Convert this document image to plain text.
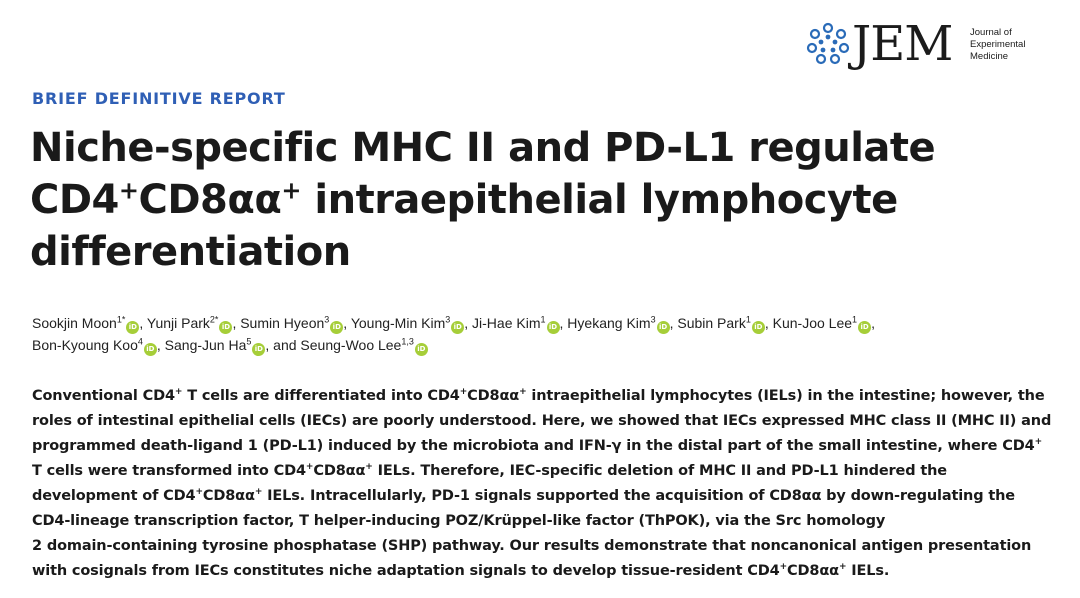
JEM Journal of
Experimental
Medicine
BRIEF DEFINITIVE REPORT
Niche-specific MHC II and PD-L1 regulate
CD4+CD8αα+ intraepithelial lymphocyte
differentiation
Sookjin Moon$^{1*}$iD , Yunji Park$^{2*}$iD , Sumin Hyeon$^3$iD , Young-Min Kim$^3$iD , Ji-Hae Kim$^1$iD , Hyekang Kim$^3$iD , Subin Park$^1$iD , Kun-Joo Lee$^1$iD ,
Bon-Kyoung Koo$^4$iD , Sang-Jun Ha$^5$iD , and Seung-Woo Lee$^{1,3}$iD

Conventional CD4+ T cells are differentiated into CD4+CD8αα+ intraepithelial lymphocytes (IELs) in the intestine; however, the
roles of intestinal epithelial cells (IECs) are poorly understood. Here, we showed that IECs expressed MHC class II (MHC II) and
programmed death-ligand 1 (PD-L1) induced by the microbiota and IFN-γ in the distal part of the small intestine, where CD4+
T cells were transformed into CD4+CD8αα+ IELs. Therefore, IEC-specific deletion of MHC II and PD-L1 hindered the
development of CD4+CD8αα+ IELs. Intracellularly, PD-1 signals supported the acquisition of CD8αα by down-regulating the
CD4-lineage transcription factor, T helper-inducing POZ/Krüppel-like factor (ThPOK), via the Src homology
2 domain-containing tyrosine phosphatase (SHP) pathway. Our results demonstrate that noncanonical antigen presentation
with cosignals from IECs constitutes niche adaptation signals to develop tissue-resident CD4+CD8αα+ IELs.
